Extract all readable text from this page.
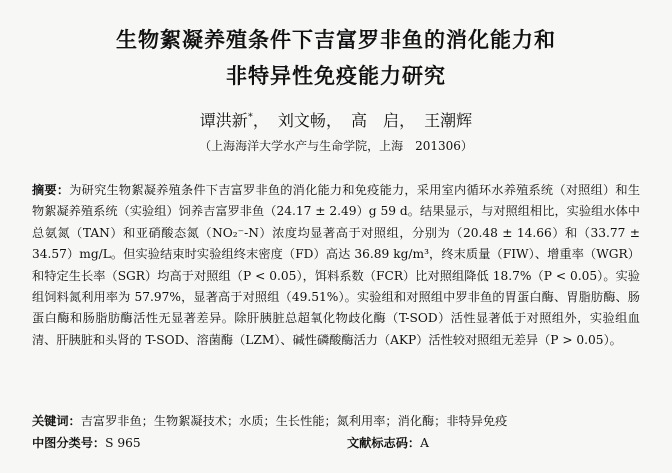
生物絮凝养殖条件下吉富罗非鱼的消化能力和
非特异性免疫能力研究
谭洪新*， 刘文畅， 高　启， 王潮辉
（上海海洋大学水产与生命学院，上海　201306）
摘要：为研究生物絮凝养殖条件下吉富罗非鱼的消化能力和免疫能力，采用室内循环水养殖系统（对照组）和生物絮凝养殖系统（实验组）饲养吉富罗非鱼（24.17 ± 2.49）g 59 d。结果显示，与对照组相比，实验组水体中总氨氮（TAN）和亚硝酸态氮（NO₂⁻-N）浓度均显著高于对照组，分别为（20.48 ± 14.66）和（33.77 ± 34.57）mg/L。但实验结束时实验组终末密度（FD）高达 36.89 kg/m³，终末质量（FIW）、增重率（WGR）和特定生长率（SGR）均高于对照组（P < 0.05），饵料系数（FCR）比对照组降低 18.7%（P < 0.05）。实验组饲料氮利用率为 57.97%，显著高于对照组（49.51%）。实验组和对照组中罗非鱼的胃蛋白酶、胃脂肪酶、肠蛋白酶和肠脂肪酶活性无显著差异。除肝胰脏总超氧化物歧化酶（T-SOD）活性显著低于对照组外，实验组血清、肝胰脏和头肾的 T-SOD、溶菌酶（LZM）、碱性磷酸酶活力（AKP）活性较对照组无差异（P > 0.05）。
关键词：吉富罗非鱼；生物絮凝技术；水质；生长性能；氮利用率；消化酶；非特异免疫
中图分类号：S 965	文献标志码：A
